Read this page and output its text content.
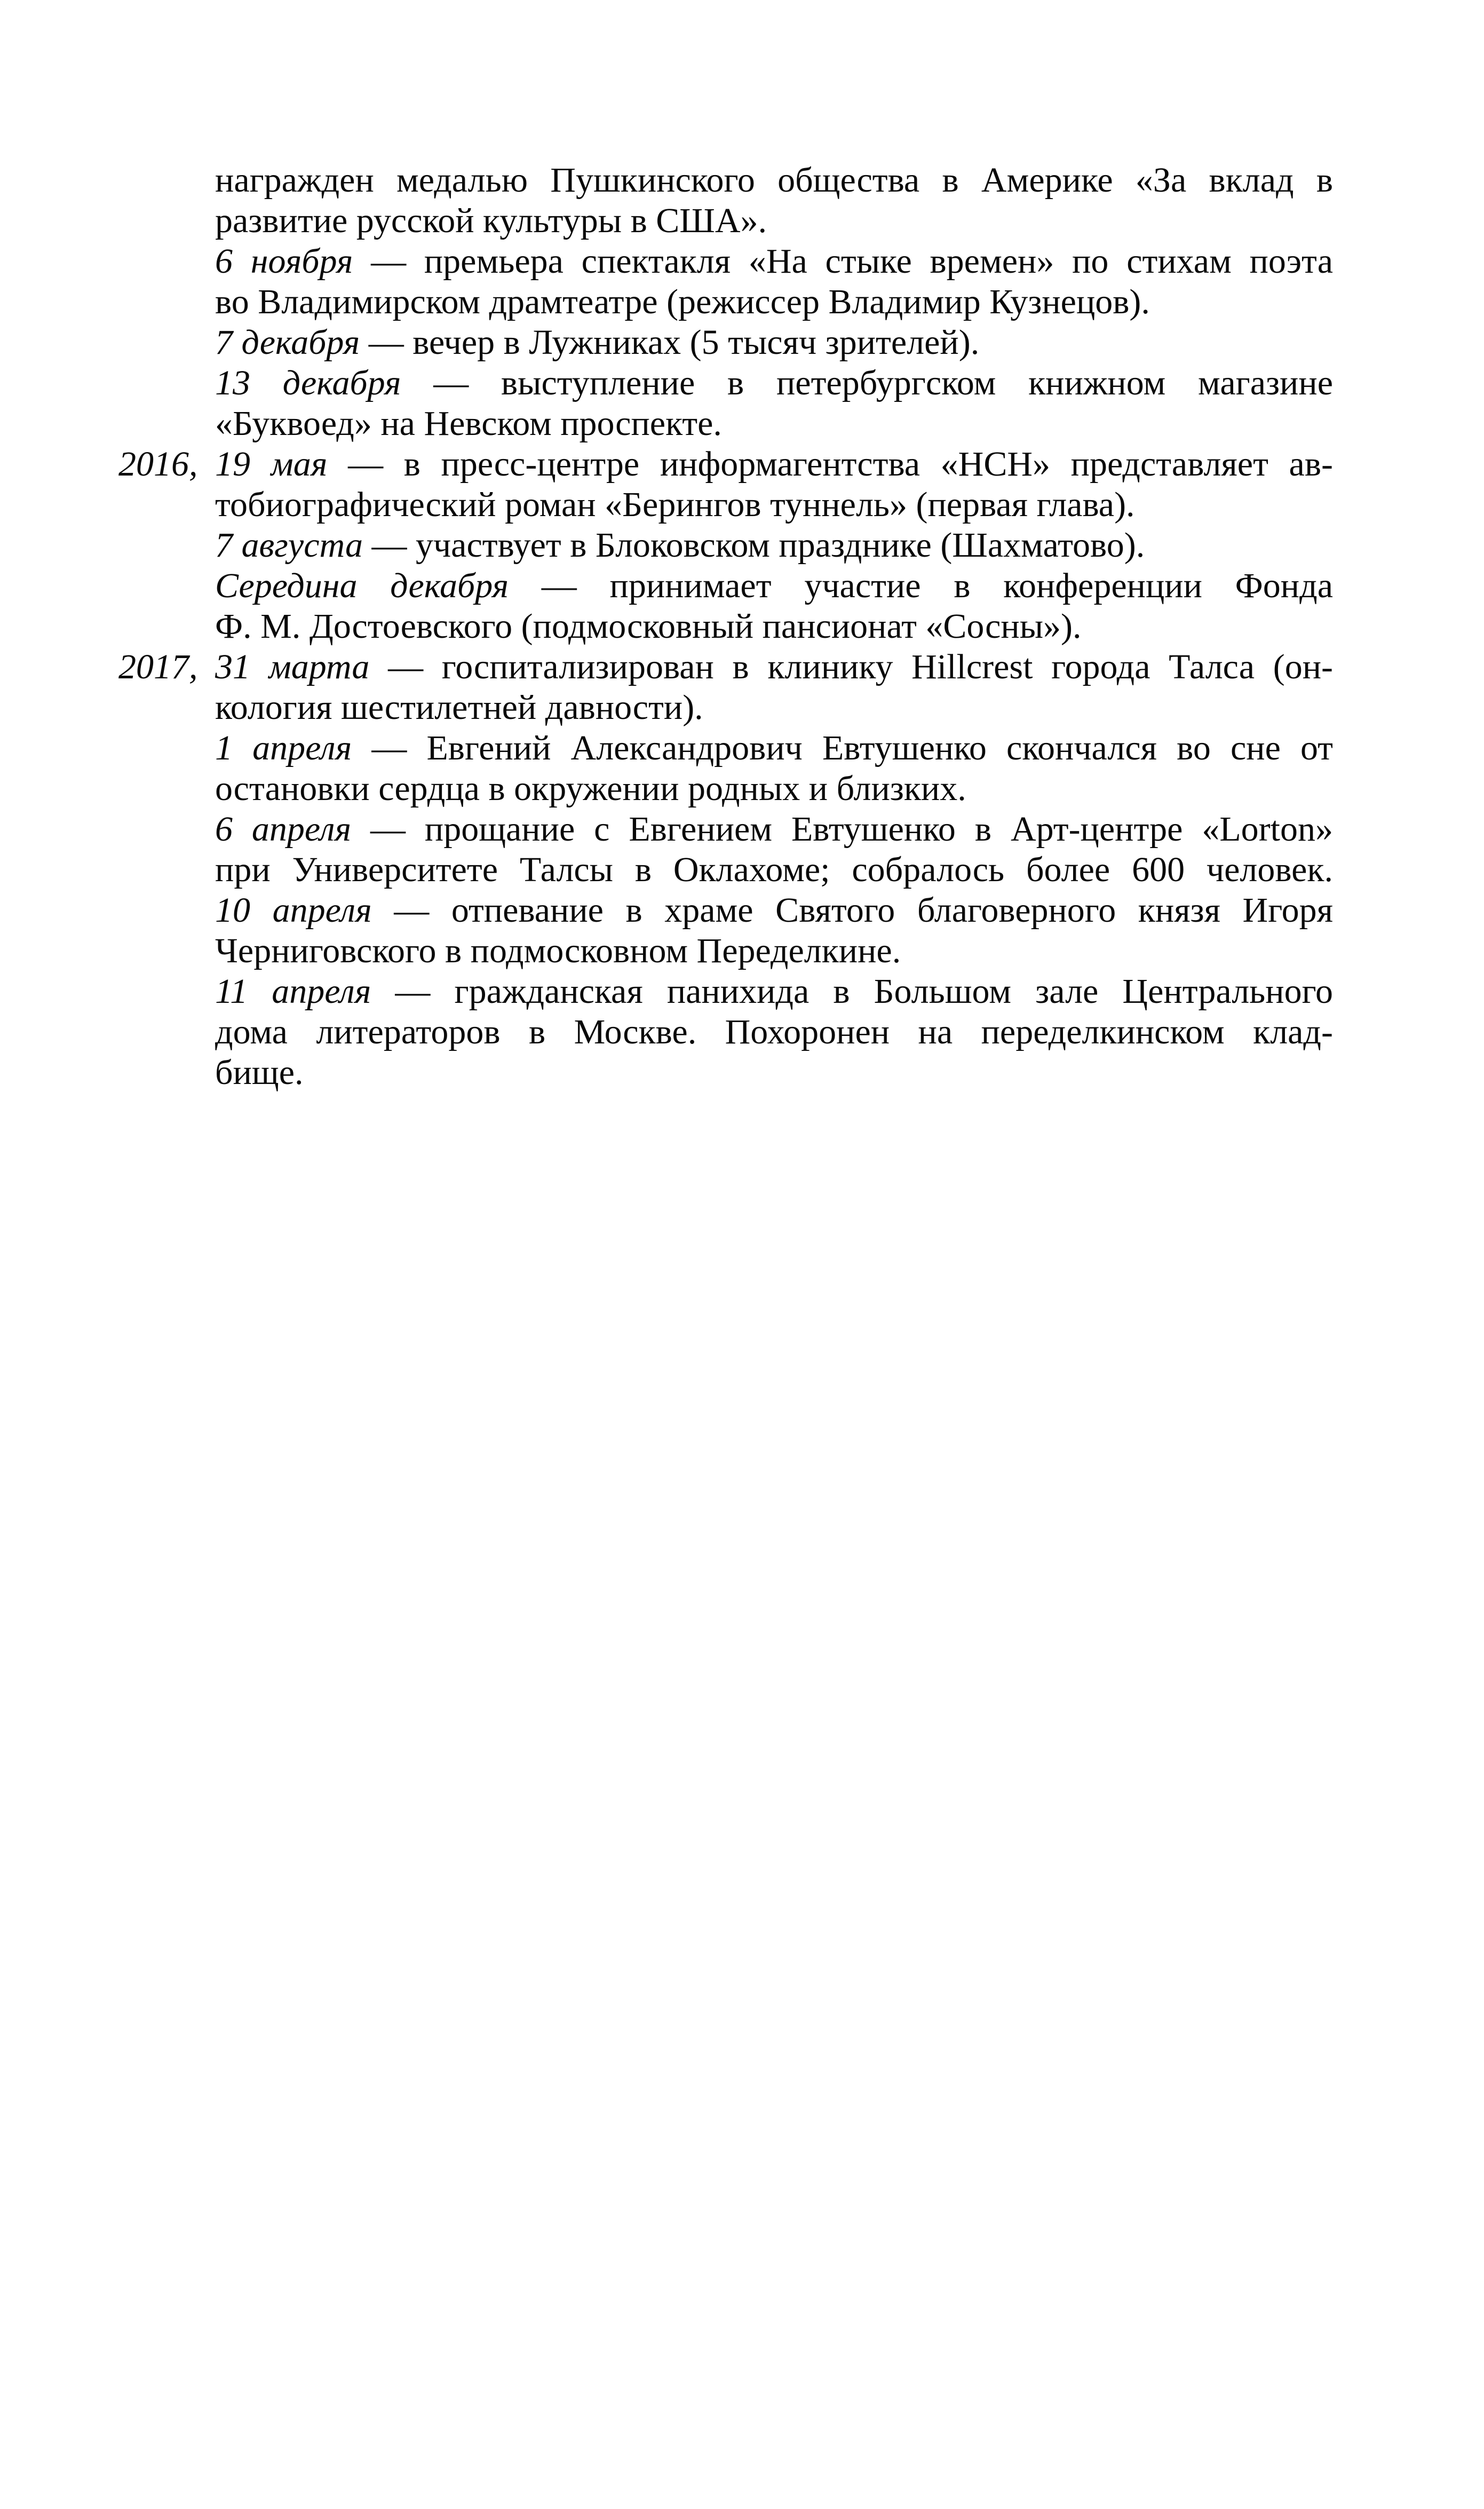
награжден медалью Пушкинского общества в Америке «За вклад в
развитие русской культуры в США».
6 ноября — премьера спектакля «На стыке времен» по стихам поэта
во Владимирском драмтеатре (режиссер Владимир Кузнецов).
7 декабря — вечер в Лужниках (5 тысяч зрителей).
13 декабря — выступление в петербургском книжном магазине
«Буквоед» на Невском проспекте.
2016, 19 мая — в пресс-центре информагентства «НСН» представляет ав-
тобиографический роман «Берингов туннель» (первая глава).
7 августа — участвует в Блоковском празднике (Шахматово).
Середина декабря — принимает участие в конференции Фонда
Ф. М. Достоевского (подмосковный пансионат «Сосны»).
2017, 31 марта — госпитализирован в клинику Hillcrest города Талса (он-
кология шестилетней давности).
1 апреля — Евгений Александрович Евтушенко скончался во сне от
остановки сердца в окружении родных и близких.
6 апреля — прощание с Евгением Евтушенко в Арт-центре «Lorton»
при Университете Талсы в Оклахоме; собралось более 600 человек.
10 апреля — отпевание в храме Святого благоверного князя Игоря
Черниговского в подмосковном Переделкине.
11 апреля — гражданская панихида в Большом зале Центрального
дома литераторов в Москве. Похоронен на переделкинском клад-
бище.
